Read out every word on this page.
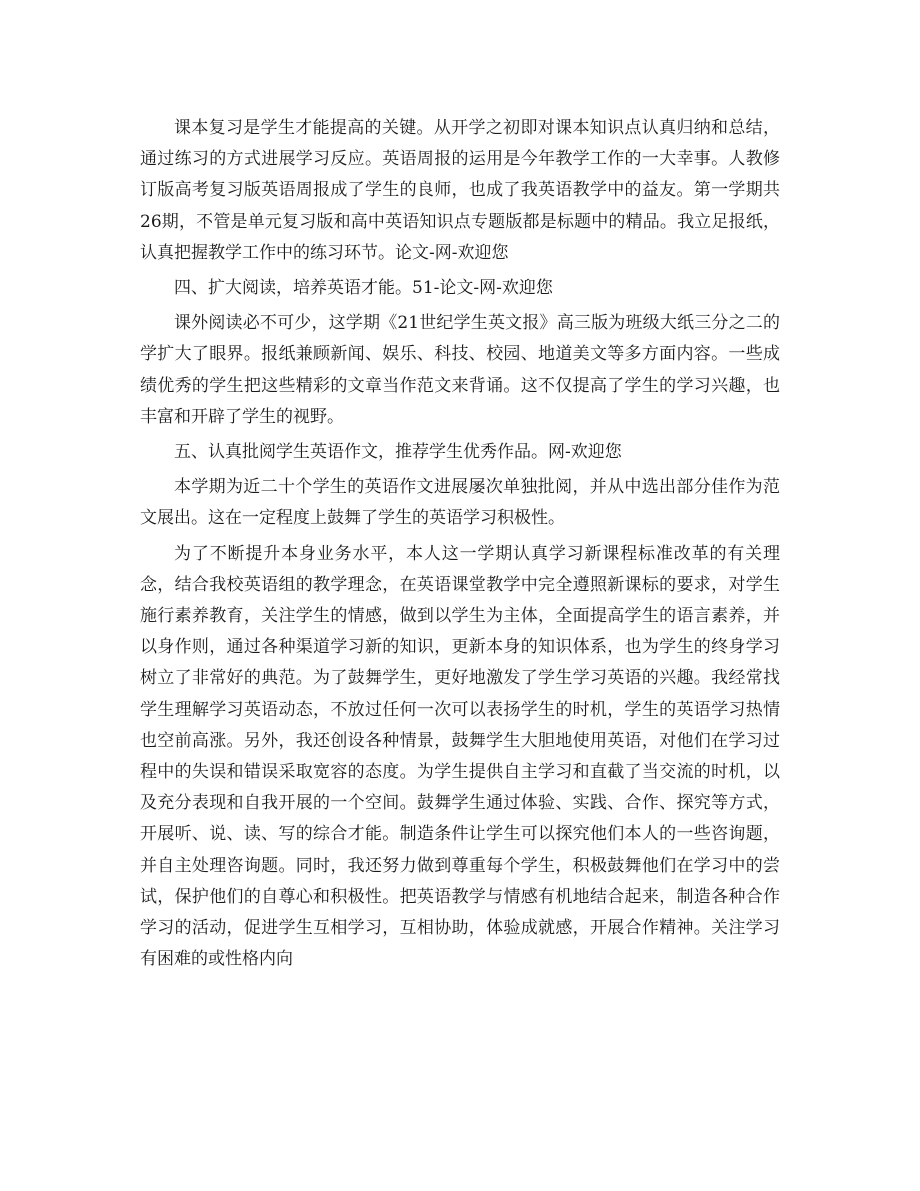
课本复习是学生才能提高的关键。从开学之初即对课本知识点认真归纳和总结，通过练习的方式进展学习反应。英语周报的运用是今年教学工作的一大幸事。人教修订版高考复习版英语周报成了学生的良师，也成了我英语教学中的益友。第一学期共26期，不管是单元复习版和高中英语知识点专题版都是标题中的精品。我立足报纸，认真把握教学工作中的练习环节。论文-网-欢迎您

四、扩大阅读，培养英语才能。51-论文-网-欢迎您

课外阅读必不可少，这学期《21世纪学生英文报》高三版为班级大纸三分之二的学扩大了眼界。报纸兼顾新闻、娱乐、科技、校园、地道美文等多方面内容。一些成绩优秀的学生把这些精彩的文章当作范文来背诵。这不仅提高了学生的学习兴趣，也丰富和开辟了学生的视野。

五、认真批阅学生英语作文，推荐学生优秀作品。网-欢迎您

本学期为近二十个学生的英语作文进展屡次单独批阅，并从中选出部分佳作为范文展出。这在一定程度上鼓舞了学生的英语学习积极性。

为了不断提升本身业务水平，本人这一学期认真学习新课程标准改革的有关理念，结合我校英语组的教学理念，在英语课堂教学中完全遵照新课标的要求，对学生施行素养教育，关注学生的情感，做到以学生为主体，全面提高学生的语言素养，并以身作则，通过各种渠道学习新的知识，更新本身的知识体系，也为学生的终身学习树立了非常好的典范。为了鼓舞学生，更好地激发了学生学习英语的兴趣。我经常找学生理解学习英语动态，不放过任何一次可以表扬学生的时机，学生的英语学习热情也空前高涨。另外，我还创设各种情景，鼓舞学生大胆地使用英语，对他们在学习过程中的失误和错误采取宽容的态度。为学生提供自主学习和直截了当交流的时机，以及充分表现和自我开展的一个空间。鼓舞学生通过体验、实践、合作、探究等方式，开展听、说、读、写的综合才能。制造条件让学生可以探究他们本人的一些咨询题，并自主处理咨询题。同时，我还努力做到尊重每个学生，积极鼓舞他们在学习中的尝试，保护他们的自尊心和积极性。把英语教学与情感有机地结合起来，制造各种合作学习的活动，促进学生互相学习，互相协助，体验成就感，开展合作精神。关注学习有困难的或性格内向
